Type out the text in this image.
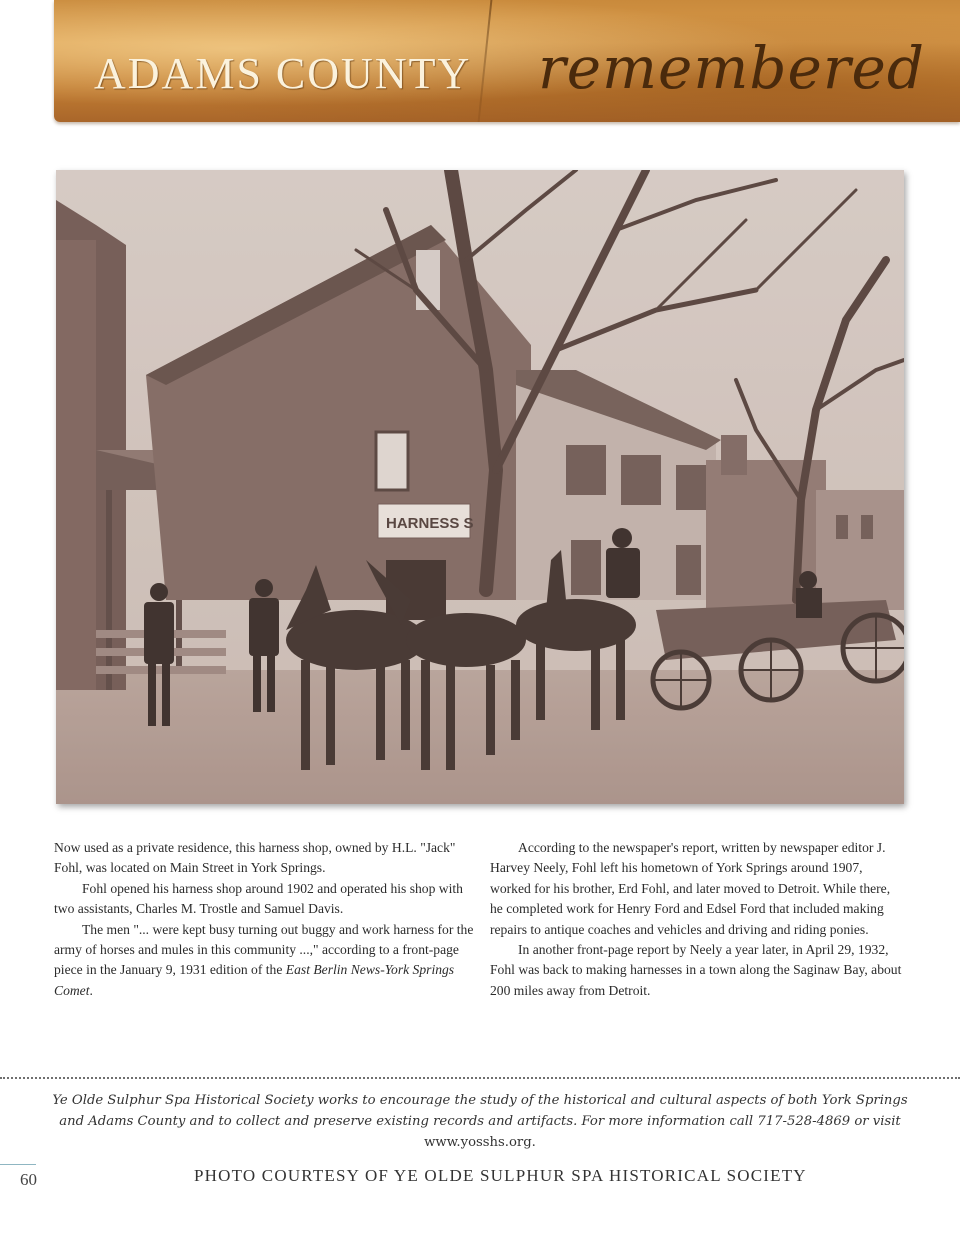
ADAMS COUNTY remembered
HARNESS S

Now used as a private residence, this harness shop, owned by H.L. "Jack" Fohl, was located on Main Street in York Springs.

Fohl opened his harness shop around 1902 and operated his shop with two assistants, Charles M. Trostle and Samuel Davis.

The men "... were kept busy turning out buggy and work harness for the army of horses and mules in this community ...," according to a front-page piece in the January 9, 1931 edition of the East Berlin News-York Springs Comet.

According to the newspaper's report, written by newspaper editor J. Harvey Neely, Fohl left his hometown of York Springs around 1907, worked for his brother, Erd Fohl, and later moved to Detroit. While there, he completed work for Henry Ford and Edsel Ford that included making repairs to antique coaches and vehicles and driving and riding ponies.

In another front-page report by Neely a year later, in April 29, 1932, Fohl was back to making harnesses in a town along the Saginaw Bay, about 200 miles away from Detroit.

Ye Olde Sulphur Spa Historical Society works to encourage the study of the historical and cultural aspects of both York Springs and Adams County and to collect and preserve existing records and artifacts. For more information call 717-528-4869 or visit www.yosshs.org.
60	PHOTO COURTESY OF YE OLDE SULPHUR SPA HISTORICAL SOCIETY
